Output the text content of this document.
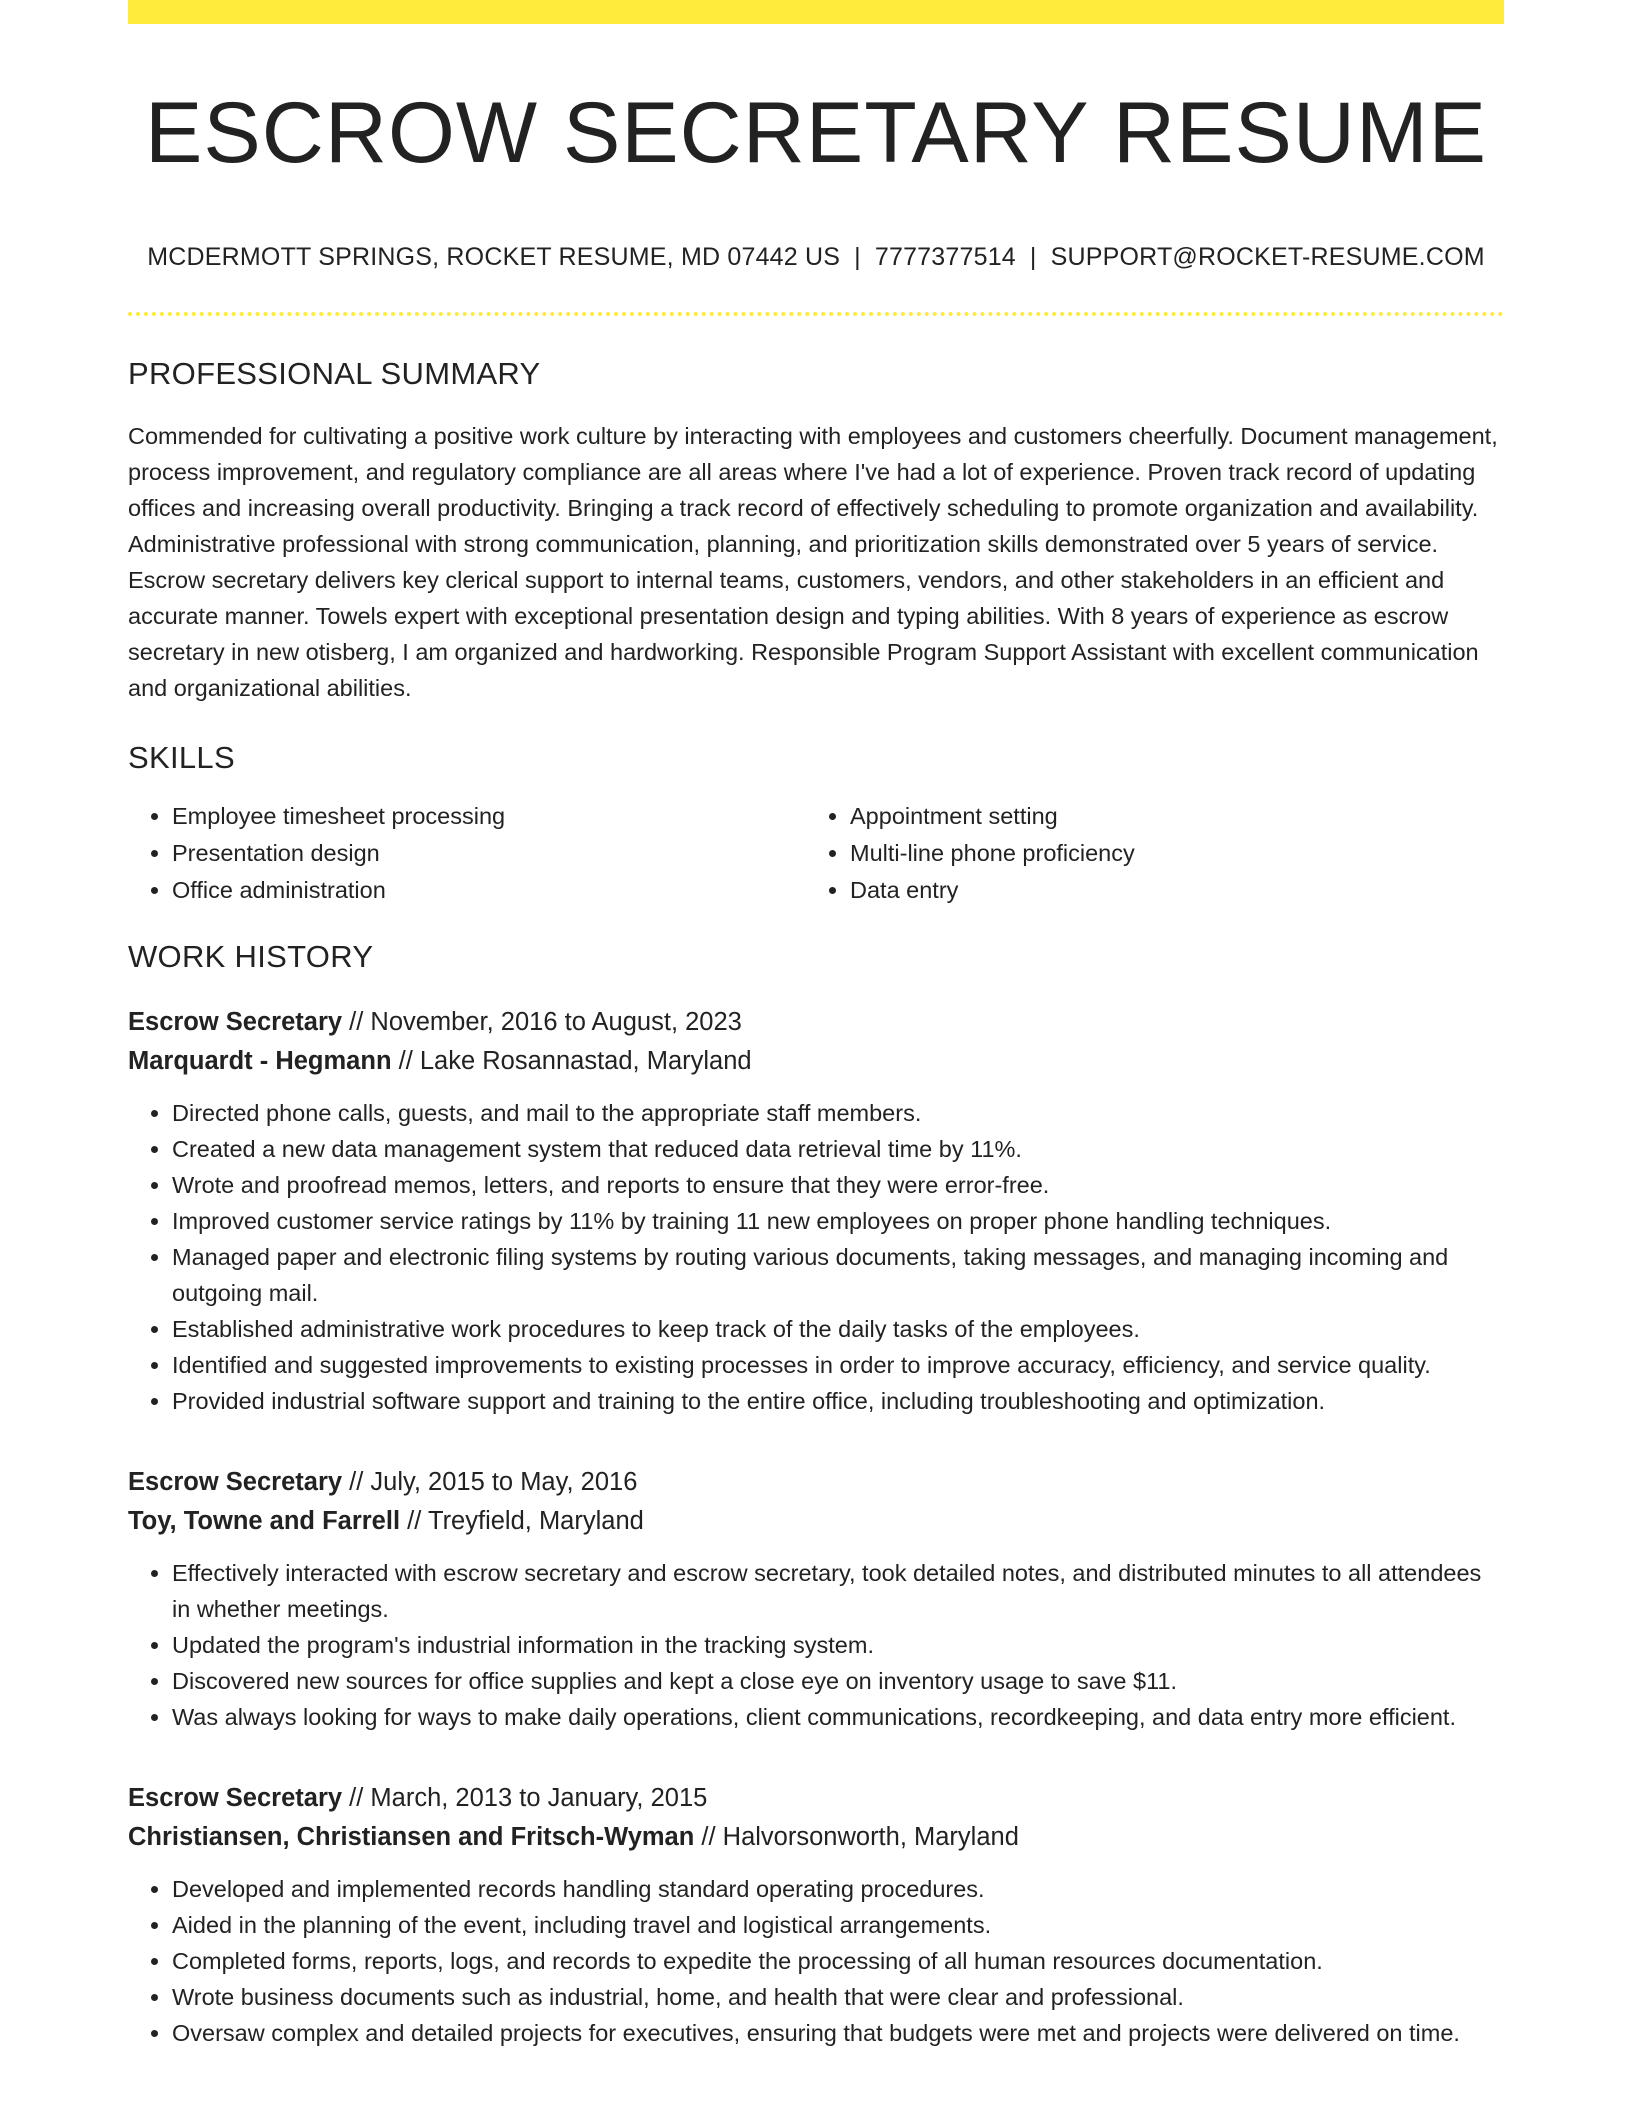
ESCROW SECRETARY RESUME
MCDERMOTT SPRINGS, ROCKET RESUME, MD 07442 US | 7777377514 | SUPPORT@ROCKET-RESUME.COM
PROFESSIONAL SUMMARY

Commended for cultivating a positive work culture by interacting with employees and customers cheerfully. Document management, process improvement, and regulatory compliance are all areas where I've had a lot of experience. Proven track record of updating offices and increasing overall productivity. Bringing a track record of effectively scheduling to promote organization and availability. Administrative professional with strong communication, planning, and prioritization skills demonstrated over 5 years of service. Escrow secretary delivers key clerical support to internal teams, customers, vendors, and other stakeholders in an efficient and accurate manner. Towels expert with exceptional presentation design and typing abilities. With 8 years of experience as escrow secretary in new otisberg, I am organized and hardworking. Responsible Program Support Assistant with excellent communication and organizational abilities.

SKILLS
• Employee timesheet processing
• Presentation design
• Office administration
• Appointment setting
• Multi-line phone proficiency
• Data entry
WORK HISTORY
Escrow Secretary // November, 2016 to August, 2023
Marquardt - Hegmann // Lake Rosannastad, Maryland
• Directed phone calls, guests, and mail to the appropriate staff members.
• Created a new data management system that reduced data retrieval time by 11%.
• Wrote and proofread memos, letters, and reports to ensure that they were error-free.
• Improved customer service ratings by 11% by training 11 new employees on proper phone handling techniques.
• Managed paper and electronic filing systems by routing various documents, taking messages, and managing incoming and outgoing mail.
• Established administrative work procedures to keep track of the daily tasks of the employees.
• Identified and suggested improvements to existing processes in order to improve accuracy, efficiency, and service quality.
• Provided industrial software support and training to the entire office, including troubleshooting and optimization.
Escrow Secretary // July, 2015 to May, 2016
Toy, Towne and Farrell // Treyfield, Maryland
• Effectively interacted with escrow secretary and escrow secretary, took detailed notes, and distributed minutes to all attendees in whether meetings.
• Updated the program's industrial information in the tracking system.
• Discovered new sources for office supplies and kept a close eye on inventory usage to save $11.
• Was always looking for ways to make daily operations, client communications, recordkeeping, and data entry more efficient.
Escrow Secretary // March, 2013 to January, 2015
Christiansen, Christiansen and Fritsch-Wyman // Halvorsonworth, Maryland
• Developed and implemented records handling standard operating procedures.
• Aided in the planning of the event, including travel and logistical arrangements.
• Completed forms, reports, logs, and records to expedite the processing of all human resources documentation.
• Wrote business documents such as industrial, home, and health that were clear and professional.
• Oversaw complex and detailed projects for executives, ensuring that budgets were met and projects were delivered on time.
